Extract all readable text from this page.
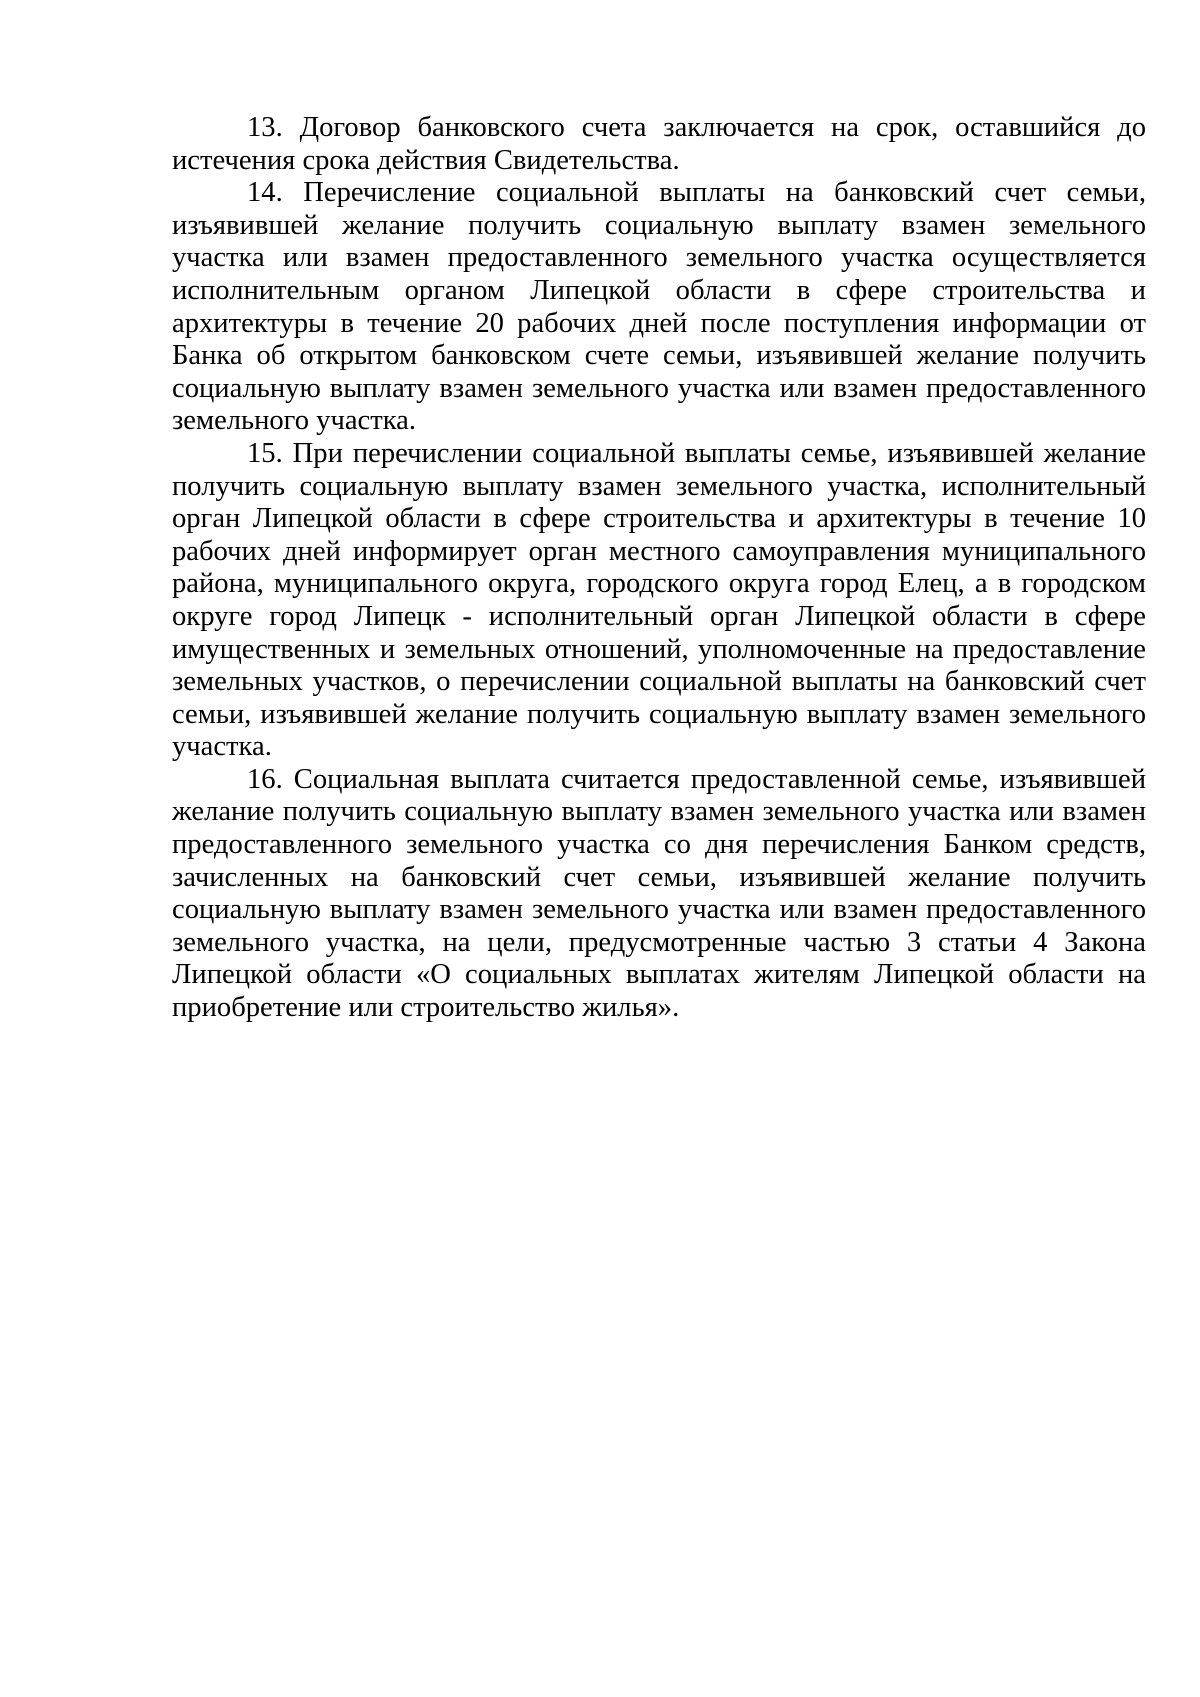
13. Договор банковского счета заключается на срок, оставшийся до истечения срока действия Свидетельства.

14. Перечисление социальной выплаты на банковский счет семьи, изъявившей желание получить социальную выплату взамен земельного участка или взамен предоставленного земельного участка осуществляется исполнительным органом Липецкой области в сфере строительства и архитектуры в течение 20 рабочих дней после поступления информации от Банка об открытом банковском счете семьи, изъявившей желание получить социальную выплату взамен земельного участка или взамен предоставленного земельного участка.

15. При перечислении социальной выплаты семье, изъявившей желание получить социальную выплату взамен земельного участка, исполнительный орган Липецкой области в сфере строительства и архитектуры в течение 10 рабочих дней информирует орган местного самоуправления муниципального района, муниципального округа, городского округа город Елец, а в городском округе город Липецк - исполнительный орган Липецкой области в сфере имущественных и земельных отношений, уполномоченные на предоставление земельных участков, о перечислении социальной выплаты на банковский счет семьи, изъявившей желание получить социальную выплату взамен земельного участка.

16. Социальная выплата считается предоставленной семье, изъявившей желание получить социальную выплату взамен земельного участка или взамен предоставленного земельного участка со дня перечисления Банком средств, зачисленных на банковский счет семьи, изъявившей желание получить социальную выплату взамен земельного участка или взамен предоставленного земельного участка, на цели, предусмотренные частью 3 статьи 4 Закона Липецкой области «О социальных выплатах жителям Липецкой области на приобретение или строительство жилья».
